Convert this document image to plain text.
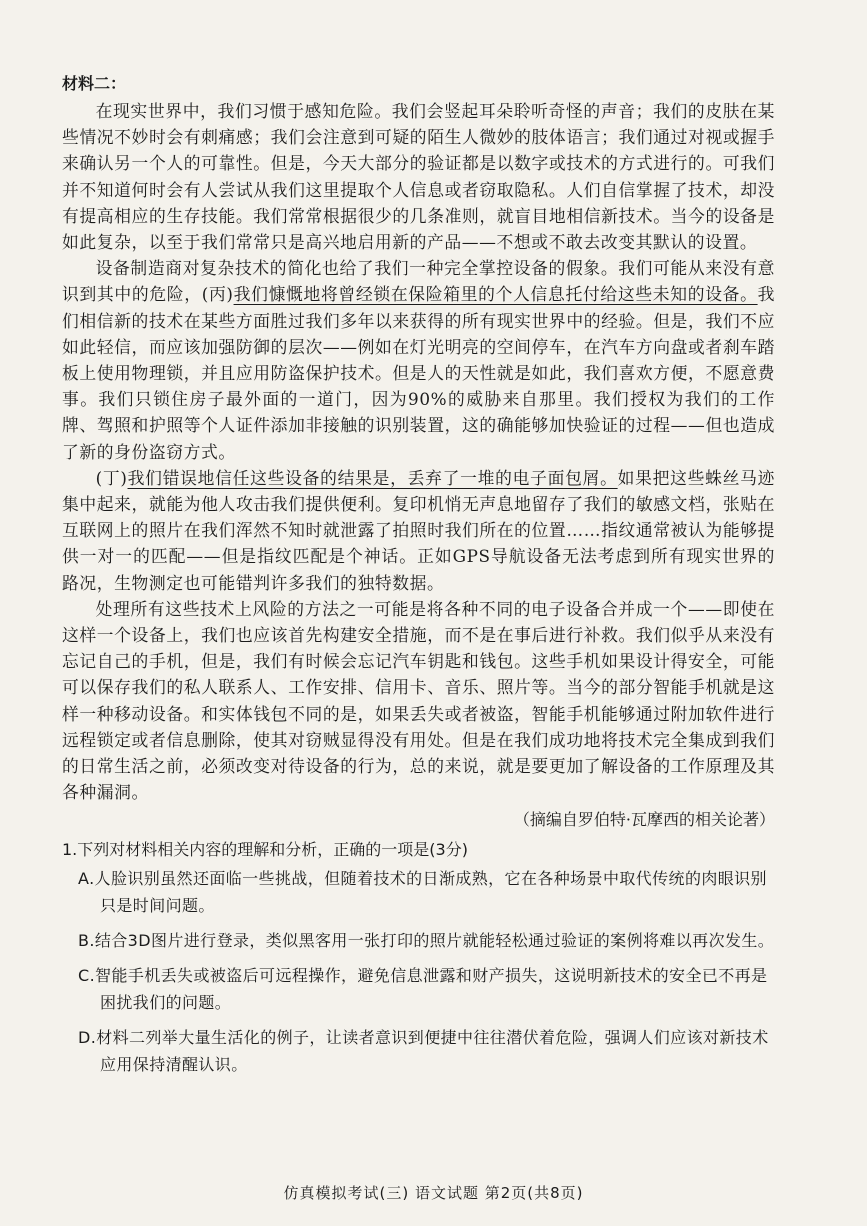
材料二：

在现实世界中，我们习惯于感知危险。我们会竖起耳朵聆听奇怪的声音；我们的皮肤在某些情况不妙时会有刺痛感；我们会注意到可疑的陌生人微妙的肢体语言；我们通过对视或握手来确认另一个人的可靠性。但是，今天大部分的验证都是以数字或技术的方式进行的。可我们并不知道何时会有人尝试从我们这里提取个人信息或者窃取隐私。人们自信掌握了技术，却没有提高相应的生存技能。我们常常根据很少的几条准则，就盲目地相信新技术。当今的设备是如此复杂，以至于我们常常只是高兴地启用新的产品——不想或不敢去改变其默认的设置。

设备制造商对复杂技术的简化也给了我们一种完全掌控设备的假象。我们可能从来没有意识到其中的危险，(丙)我们慷慨地将曾经锁在保险箱里的个人信息托付给这些未知的设备。我们相信新的技术在某些方面胜过我们多年以来获得的所有现实世界中的经验。但是，我们不应如此轻信，而应该加强防御的层次——例如在灯光明亮的空间停车，在汽车方向盘或者刹车踏板上使用物理锁，并且应用防盗保护技术。但是人的天性就是如此，我们喜欢方便，不愿意费事。我们只锁住房子最外面的一道门，因为90%的威胁来自那里。我们授权为我们的工作牌、驾照和护照等个人证件添加非接触的识别装置，这的确能够加快验证的过程——但也造成了新的身份盗窃方式。

(丁)我们错误地信任这些设备的结果是，丢弃了一堆的电子面包屑。如果把这些蛛丝马迹集中起来，就能为他人攻击我们提供便利。复印机悄无声息地留存了我们的敏感文档，张贴在互联网上的照片在我们浑然不知时就泄露了拍照时我们所在的位置……指纹通常被认为能够提供一对一的匹配——但是指纹匹配是个神话。正如GPS导航设备无法考虑到所有现实世界的路况，生物测定也可能错判许多我们的独特数据。

处理所有这些技术上风险的方法之一可能是将各种不同的电子设备合并成一个——即使在这样一个设备上，我们也应该首先构建安全措施，而不是在事后进行补救。我们似乎从来没有忘记自己的手机，但是，我们有时候会忘记汽车钥匙和钱包。这些手机如果设计得安全，可能可以保存我们的私人联系人、工作安排、信用卡、音乐、照片等。当今的部分智能手机就是这样一种移动设备。和实体钱包不同的是，如果丢失或者被盗，智能手机能够通过附加软件进行远程锁定或者信息删除，使其对窃贼显得没有用处。但是在我们成功地将技术完全集成到我们的日常生活之前，必须改变对待设备的行为，总的来说，就是要更加了解设备的工作原理及其各种漏洞。

（摘编自罗伯特·瓦摩西的相关论著）
1.下列对材料相关内容的理解和分析，正确的一项是(3分)
A.人脸识别虽然还面临一些挑战，但随着技术的日渐成熟，它在各种场景中取代传统的肉眼识别只是时间问题。
B.结合3D图片进行登录，类似黑客用一张打印的照片就能轻松通过验证的案例将难以再次发生。
C.智能手机丢失或被盗后可远程操作，避免信息泄露和财产损失，这说明新技术的安全已不再是困扰我们的问题。
D.材料二列举大量生活化的例子，让读者意识到便捷中往往潜伏着危险，强调人们应该对新技术应用保持清醒认识。
仿真模拟考试(三) 语文试题 第2页(共8页)
